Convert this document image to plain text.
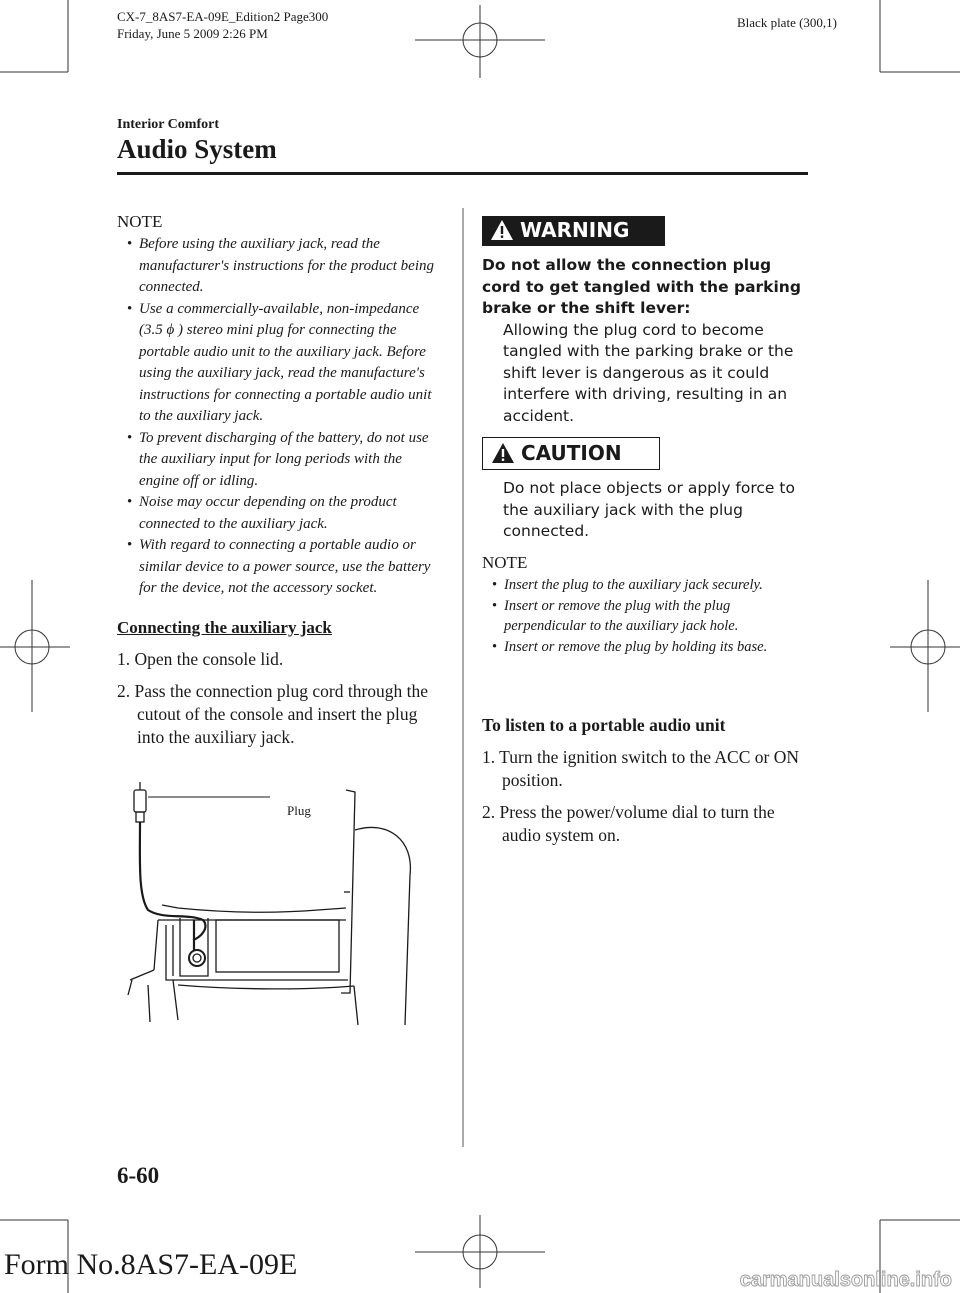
CX-7_8AS7-EA-09E_Edition2 Page300
Friday, June 5 2009 2:26 PM
Black plate (300,1)
Interior Comfort
Audio System
NOTE

• Before using the auxiliary jack, read the manufacturer's instructions for the product being connected.

• Use a commercially-available, non-impedance (3.5 ϕ ) stereo mini plug for connecting the portable audio unit to the auxiliary jack. Before using the auxiliary jack, read the manufacture's instructions for connecting a portable audio unit to the auxiliary jack.

• To prevent discharging of the battery, do not use the auxiliary input for long periods with the engine off or idling.

• Noise may occur depending on the product connected to the auxiliary jack.

• With regard to connecting a portable audio or similar device to a power source, use the battery for the device, not the accessory socket.

Connecting the auxiliary jack

1. Open the console lid.

2. Pass the connection plug cord through the cutout of the console and insert the plug into the auxiliary jack.

Plug
WARNING
Do not allow the connection plug cord to get tangled with the parking brake or the shift lever:
Allowing the plug cord to become tangled with the parking brake or the shift lever is dangerous as it could interfere with driving, resulting in an accident.
CAUTION
Do not place objects or apply force to the auxiliary jack with the plug connected.
NOTE

• Insert the plug to the auxiliary jack securely.

• Insert or remove the plug with the plug perpendicular to the auxiliary jack hole.

• Insert or remove the plug by holding its base.

To listen to a portable audio unit

1. Turn the ignition switch to the ACC or ON position.

2. Press the power/volume dial to turn the audio system on.

6-60
Form No.8AS7-EA-09E	carmanualsonline.info
